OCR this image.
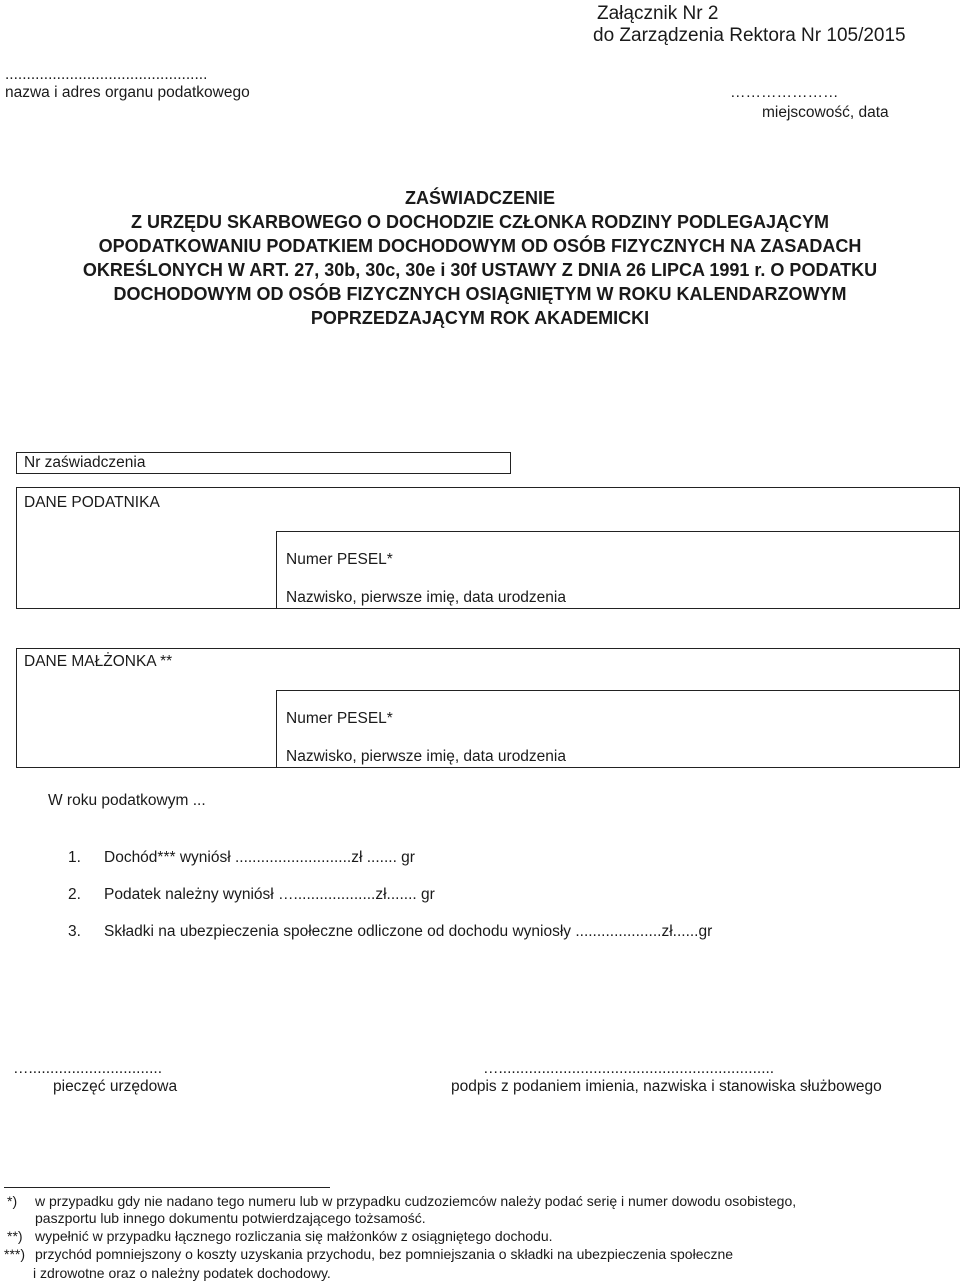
Załącznik Nr 2
do Zarządzenia Rektora Nr 105/2015
...............................................
nazwa i adres organu podatkowego	…………………
miejscowość, data
ZAŚWIADCZENIE
Z URZĘDU SKARBOWEGO O DOCHODZIE CZŁONKA RODZINY PODLEGAJĄCYM
OPODATKOWANIU PODATKIEM DOCHODOWYM OD OSÓB FIZYCZNYCH NA ZASADACH
OKREŚLONYCH W ART. 27, 30b, 30c, 30e i 30f USTAWY Z DNIA 26 LIPCA 1991 r. O PODATKU
DOCHODOWYM OD OSÓB FIZYCZNYCH OSIĄGNIĘTYM W ROKU KALENDARZOWYM
POPRZEDZAJĄCYM ROK AKADEMICKI
Nr zaświadczenia
DANE PODATNIKA
Numer PESEL*
Nazwisko, pierwsze imię, data urodzenia
DANE MAŁŻONKA **
Numer PESEL*
Nazwisko, pierwsze imię, data urodzenia
W roku podatkowym ...
1. Dochód*** wyniósł ...........................zł ....... gr
2. Podatek należny wyniósł …...................zł....... gr
3. Składki na ubezpieczenia społeczne odliczone od dochodu wyniosły ....................zł......gr
…...............................
pieczęć urzędowa
…................................................................
podpis z podaniem imienia, nazwiska i stanowiska służbowego
*) w przypadku gdy nie nadano tego numeru lub w przypadku cudzoziemców należy podać serię i numer dowodu osobistego,
paszportu lub innego dokumentu potwierdzającego tożsamość.
**) wypełnić w przypadku łącznego rozliczania się małżonków z osiągniętego dochodu.
***) przychód pomniejszony o koszty uzyskania przychodu, bez pomniejszania o składki na ubezpieczenia społeczne
i zdrowotne oraz o należny podatek dochodowy.
